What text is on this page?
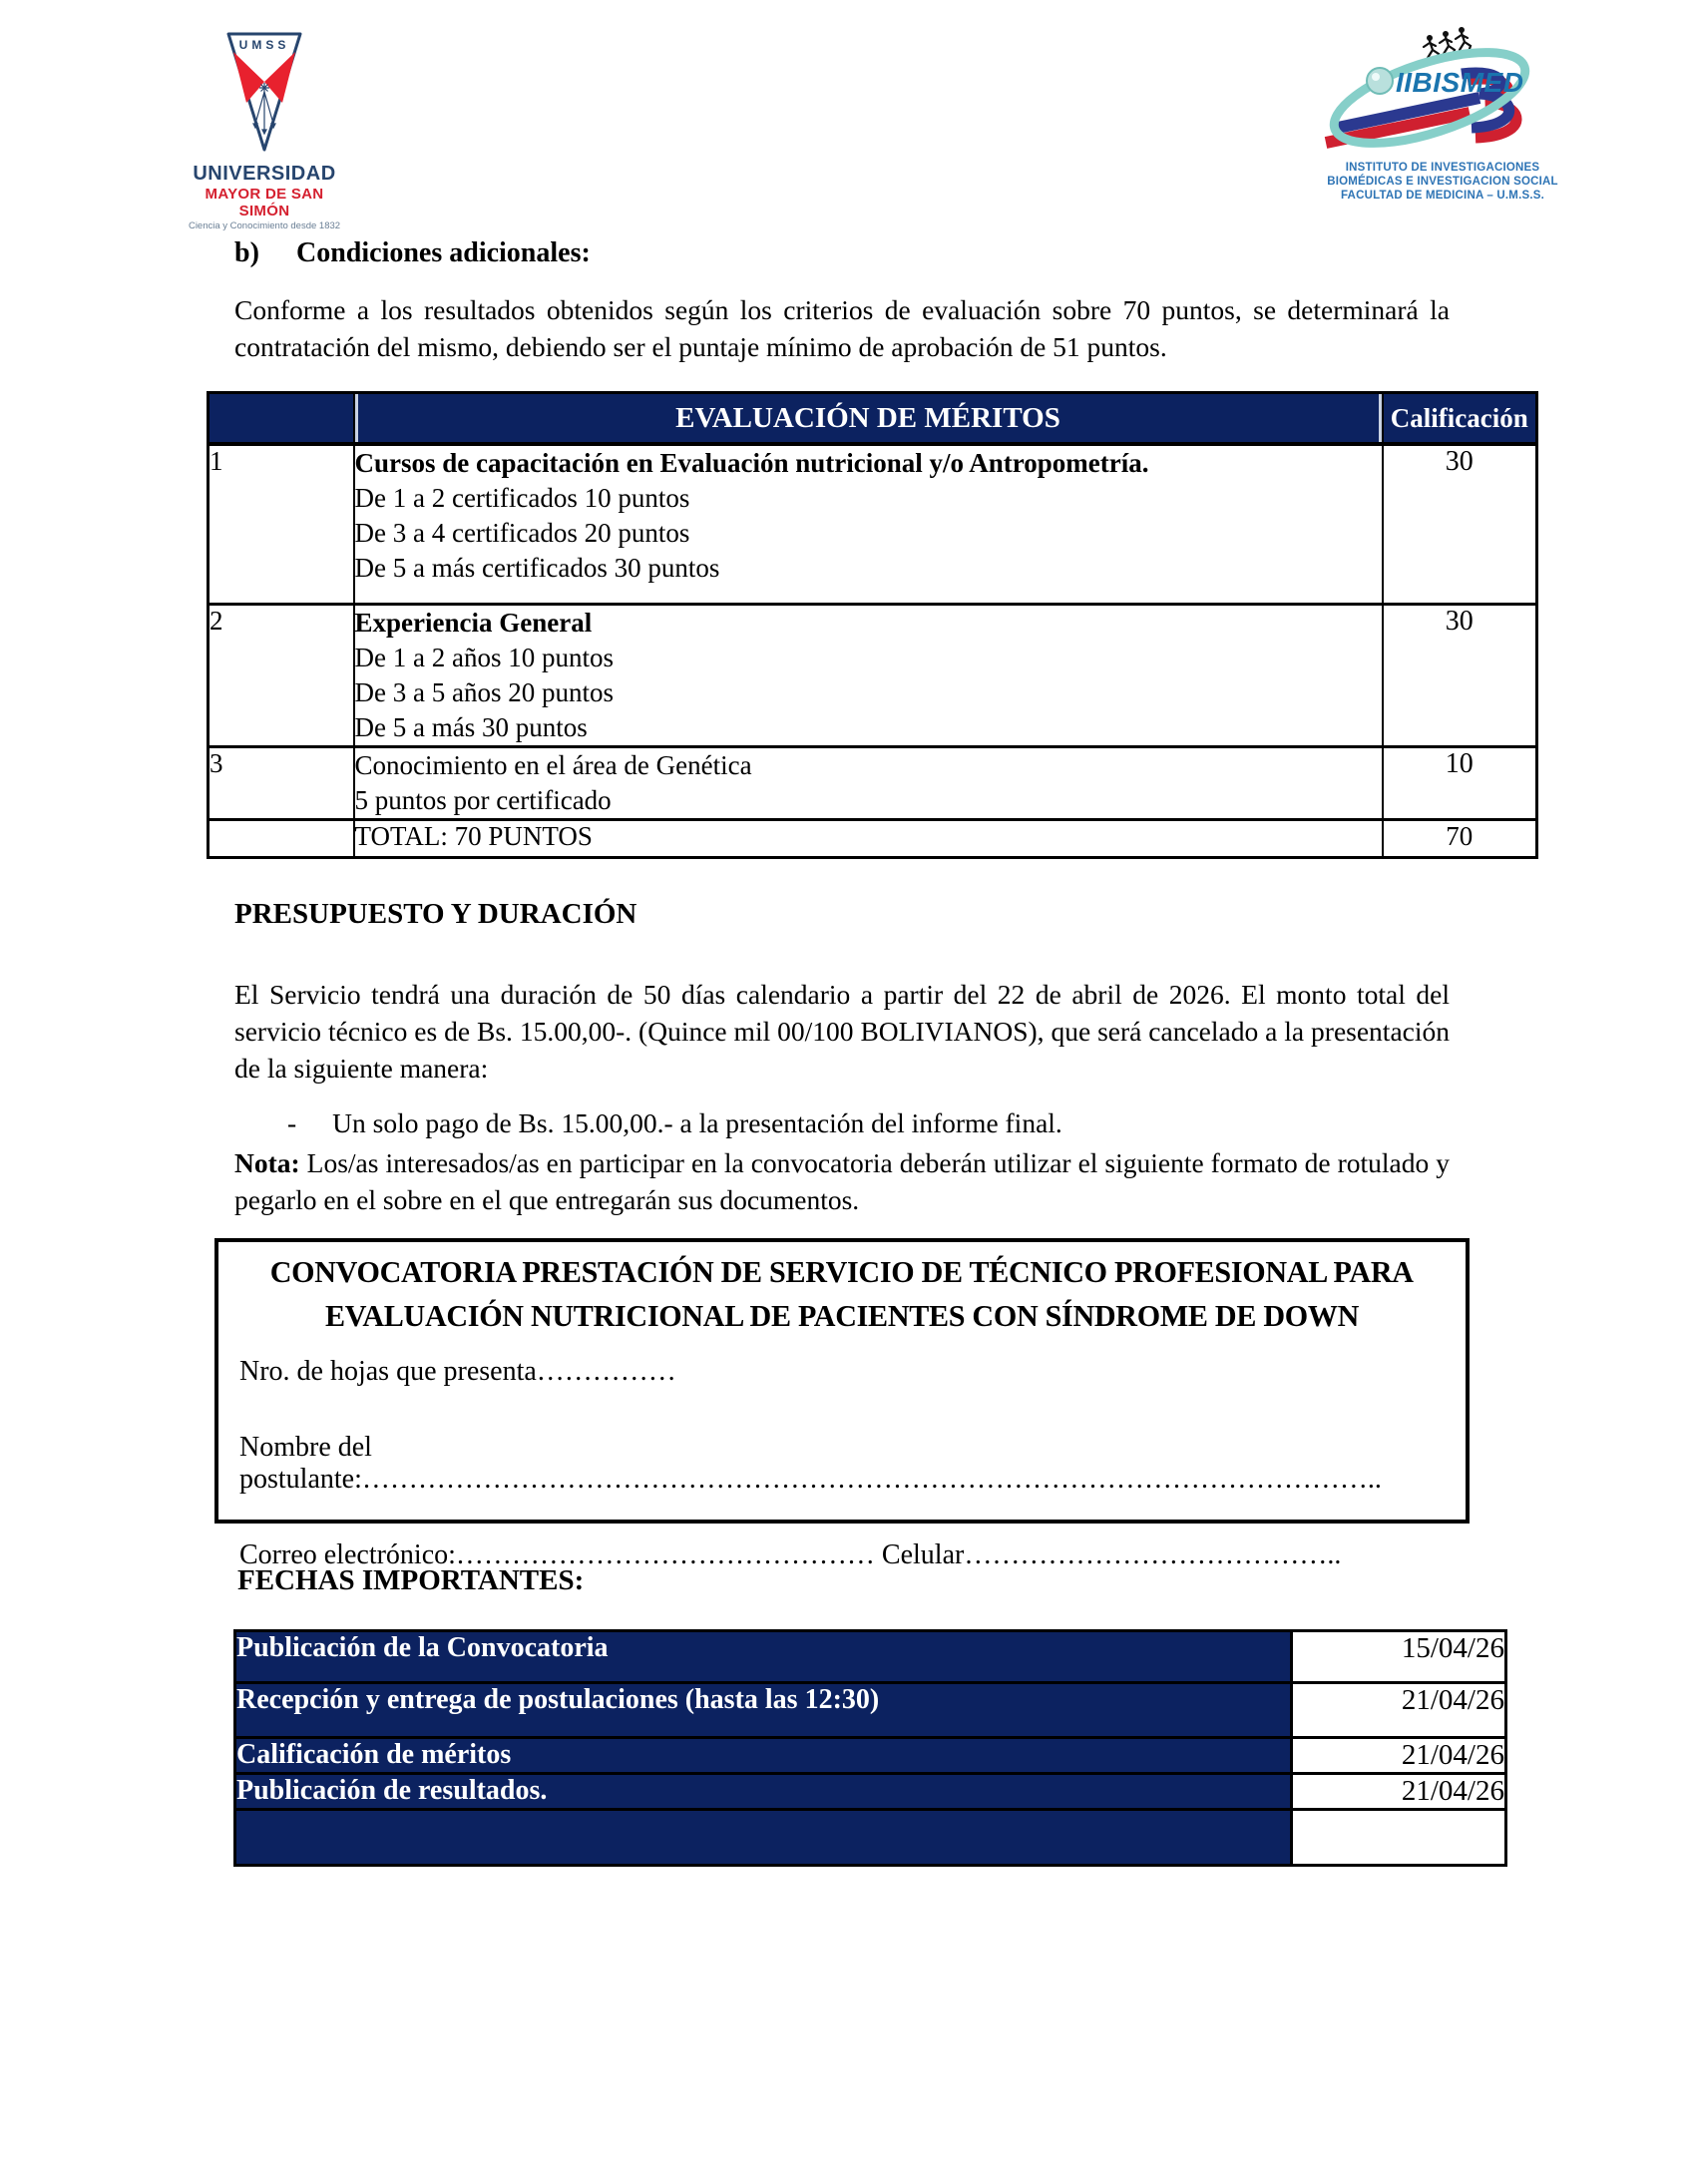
UMSS
UNIVERSIDAD
MAYOR DE SAN SIMÓN
Ciencia y Conocimiento desde 1832
IIBISMED
INSTITUTO DE INVESTIGACIONES
BIOMÉDICAS E INVESTIGACION SOCIAL
FACULTAD DE MEDICINA – U.M.S.S.
b) Condiciones adicionales:
Conforme a los resultados obtenidos según los criterios de evaluación sobre 70 puntos, se determinará la contratación del mismo, debiendo ser el puntaje mínimo de aprobación de 51 puntos.
	EVALUACIÓN DE MÉRITOS	Calificación
1	Cursos de capacitación en Evaluación nutricional y/o Antropometría.
De 1 a 2 certificados 10 puntos
De 3 a 4 certificados 20 puntos
De 5 a más certificados 30 puntos	30
2	Experiencia General
De 1 a 2 años 10 puntos
De 3 a 5 años 20 puntos
De 5 a más 30 puntos	30
3	Conocimiento en el área de Genética
5 puntos por certificado	10
	TOTAL: 70 PUNTOS	70
PRESUPUESTO Y DURACIÓN
El Servicio tendrá una duración de 50 días calendario a partir del 22 de abril de 2026. El monto total del servicio técnico es de Bs. 15.00,00-. (Quince mil 00/100 BOLIVIANOS), que será cancelado a la presentación de la siguiente manera:
- Un solo pago de Bs. 15.00,00.- a la presentación del informe final.
Nota: Los/as interesados/as en participar en la convocatoria deberán utilizar el siguiente formato de rotulado y pegarlo en el sobre en el que entregarán sus documentos.
CONVOCATORIA PRESTACIÓN DE SERVICIO DE TÉCNICO PROFESIONAL PARA
EVALUACIÓN NUTRICIONAL DE PACIENTES CON SÍNDROME DE DOWN
Nro. de hojas que presenta……………
Nombre del postulante:………………………………………………………………………………………………..
Correo electrónico:……………………………………… Celular…………………………………..
FECHAS IMPORTANTES:
Publicación de la Convocatoria	15/04/26
Recepción y entrega de postulaciones (hasta las 12:30)	21/04/26
Calificación de méritos	21/04/26
Publicación de resultados.	21/04/26
